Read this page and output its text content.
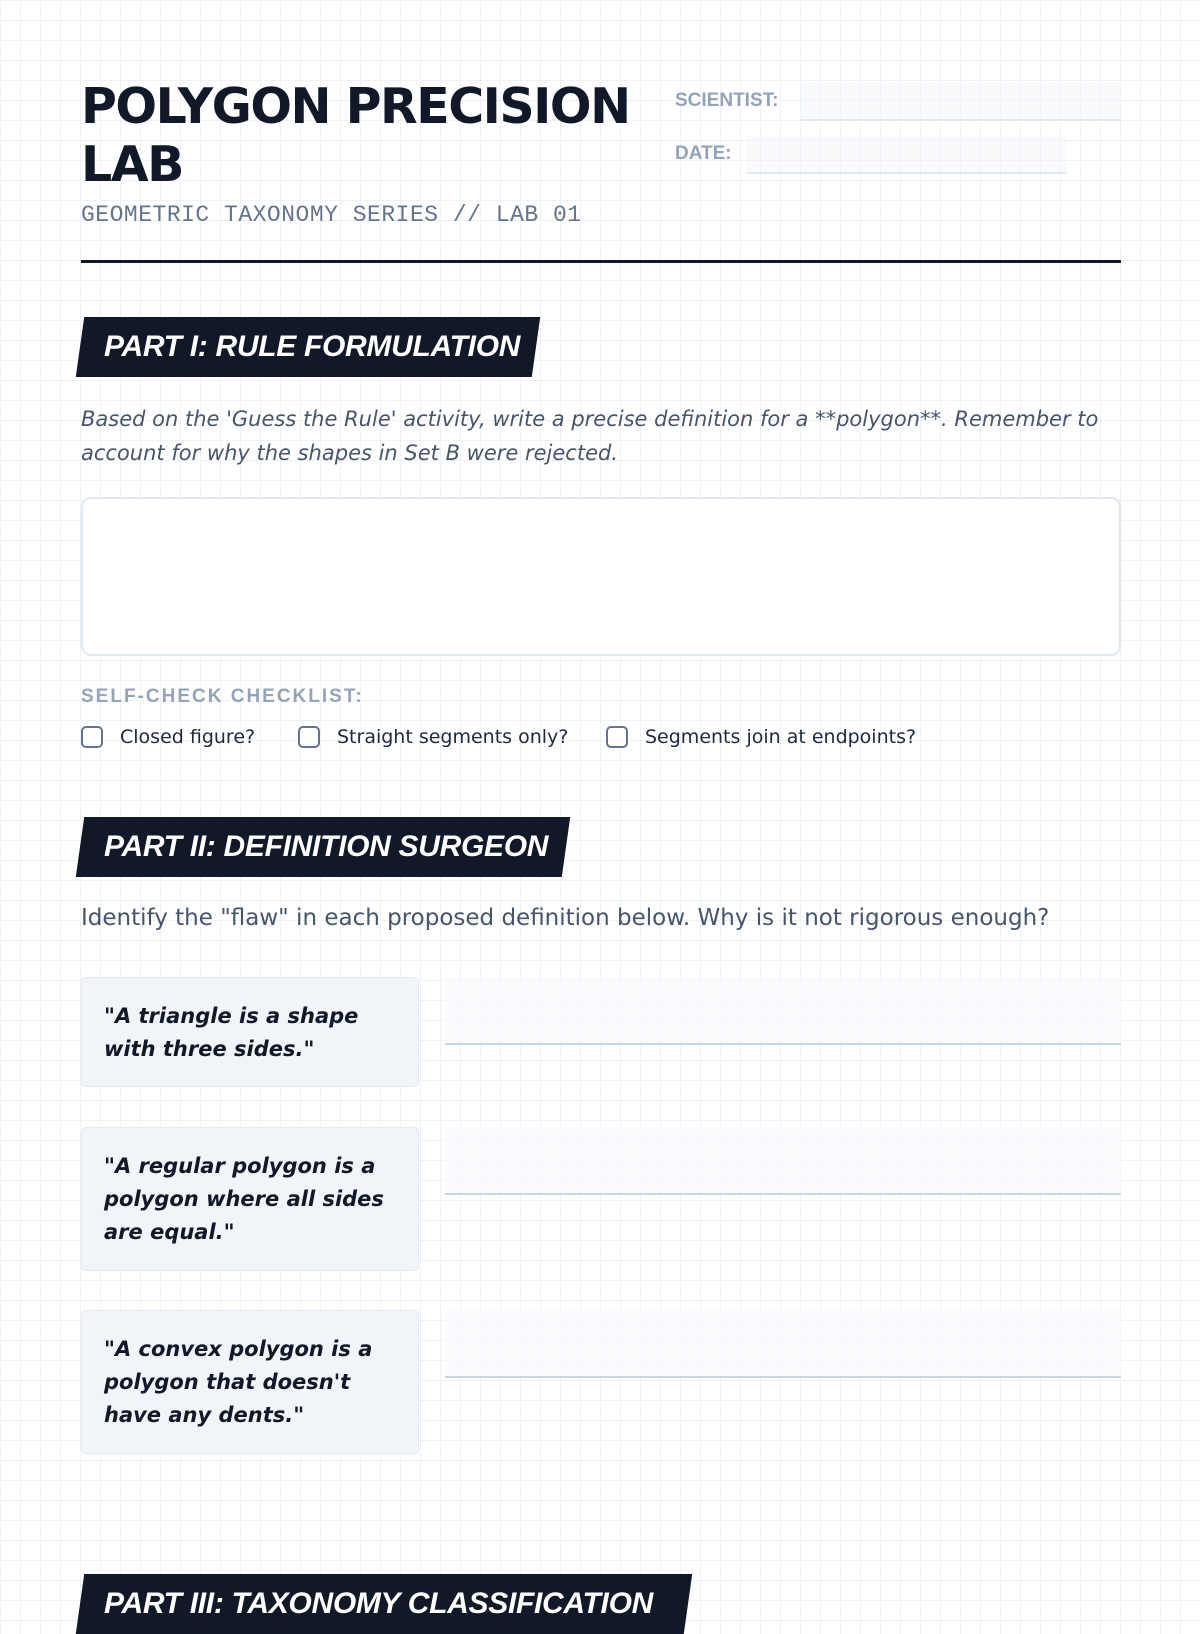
POLYGON PRECISION LAB
GEOMETRIC TAXONOMY SERIES // LAB 01
SCIENTIST:
DATE:
PART I: RULE FORMULATION
Based on the 'Guess the Rule' activity, write a precise definition for a **polygon**. Remember to account for why the shapes in Set B were rejected.
SELF-CHECK CHECKLIST:
Closed figure?	Straight segments only?	Segments join at endpoints?
PART II: DEFINITION SURGEON
Identify the "flaw" in each proposed definition below. Why is it not rigorous enough?
"A triangle is a shape with three sides."
"A regular polygon is a polygon where all sides are equal."
"A convex polygon is a polygon that doesn't have any dents."
PART III: TAXONOMY CLASSIFICATION
